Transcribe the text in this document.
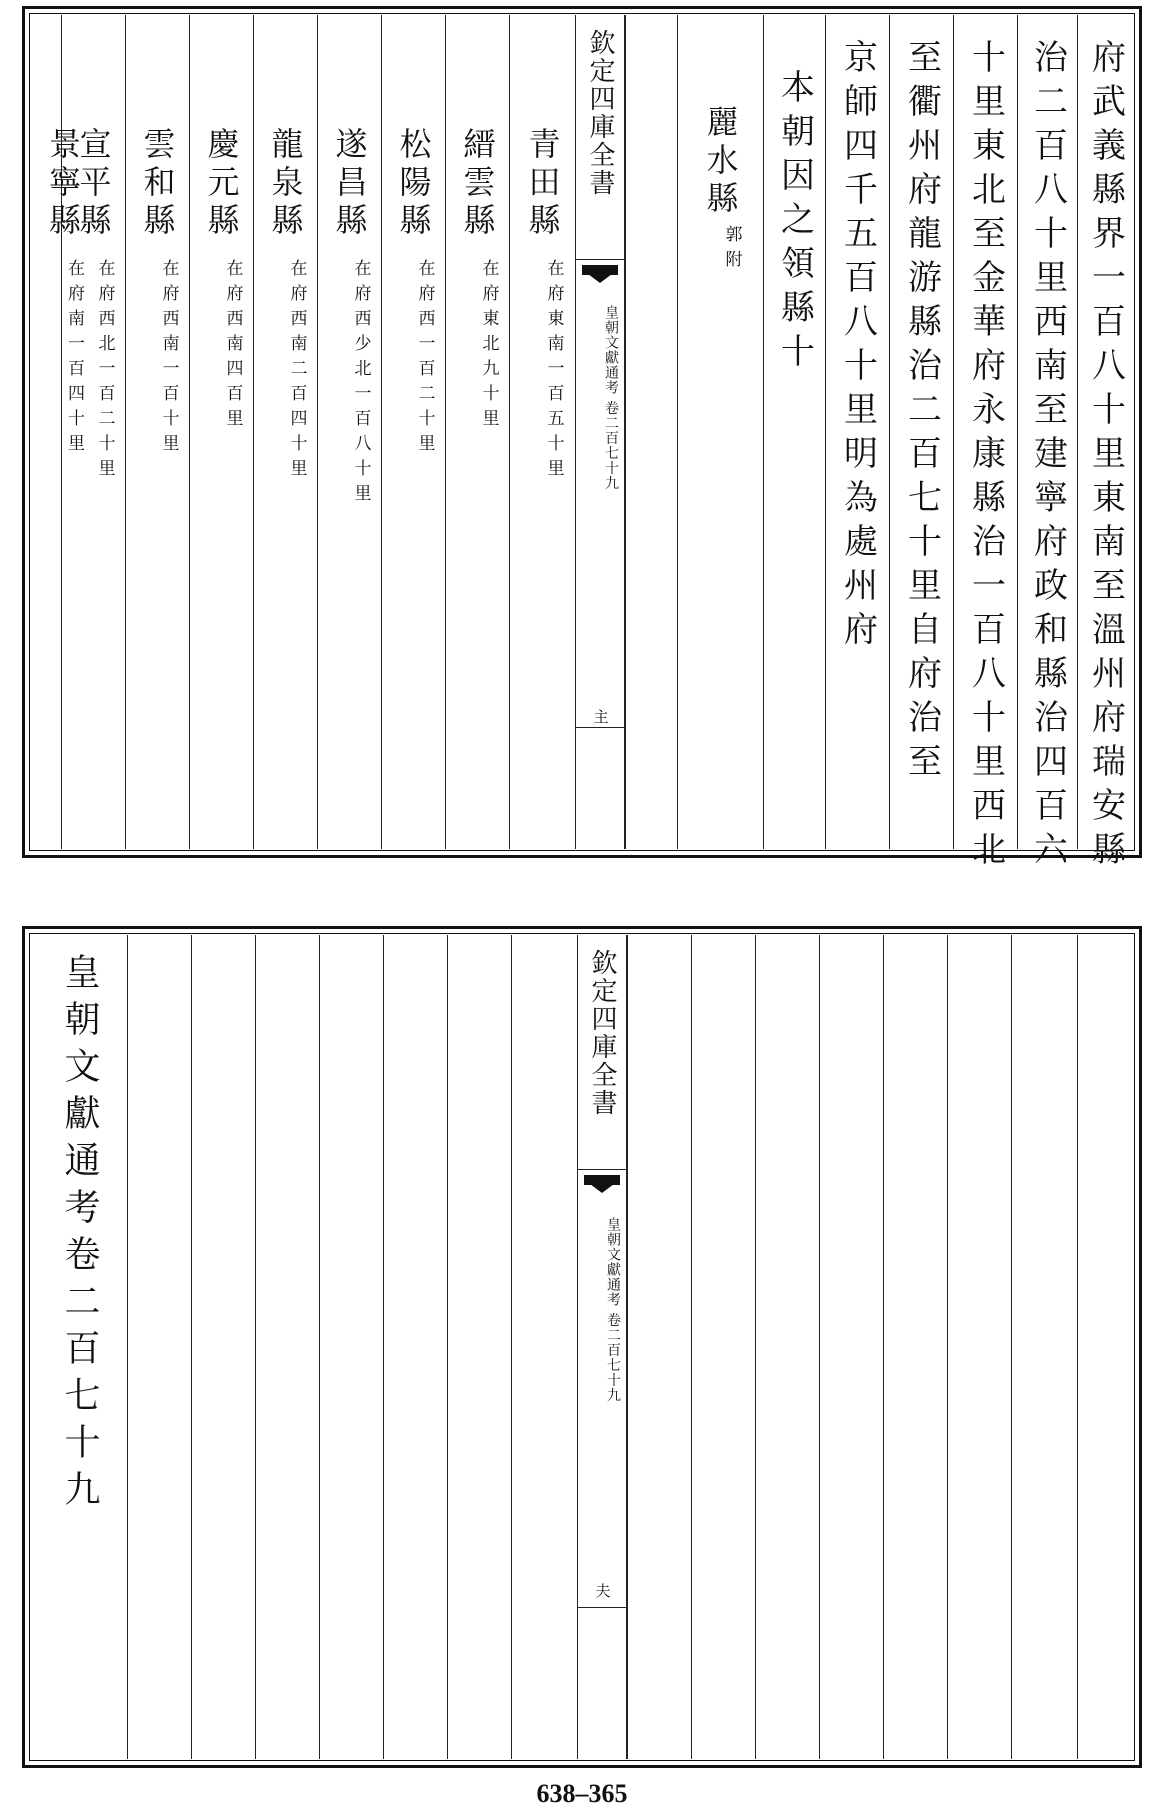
府武義縣界一百八十里東南至溫州府瑞安縣
治二百八十里西南至建寧府政和縣治四百六
十里東北至金華府永康縣治一百八十里西北
至衢州府龍游縣治二百七十里自府治至
京師四千五百八十里明為處州府
本朝因之領縣十
麗水縣
郭附
欽定四庫全書
皇朝文獻通考 卷二百七十九
主
青田縣
在府東南一百五十里
縉雲縣
在府東北九十里
松陽縣
在府西一百二十里
遂昌縣
在府西少北一百八十里
龍泉縣
在府西南二百四十里
慶元縣
在府西南四百里
雲和縣
在府西南一百十里
宣平縣
在府西北一百二十里
景寧縣
在府南一百四十里
欽定四庫全書
皇朝文獻通考 卷二百七十九
夫
皇朝文獻通考卷二百七十九
638–365
